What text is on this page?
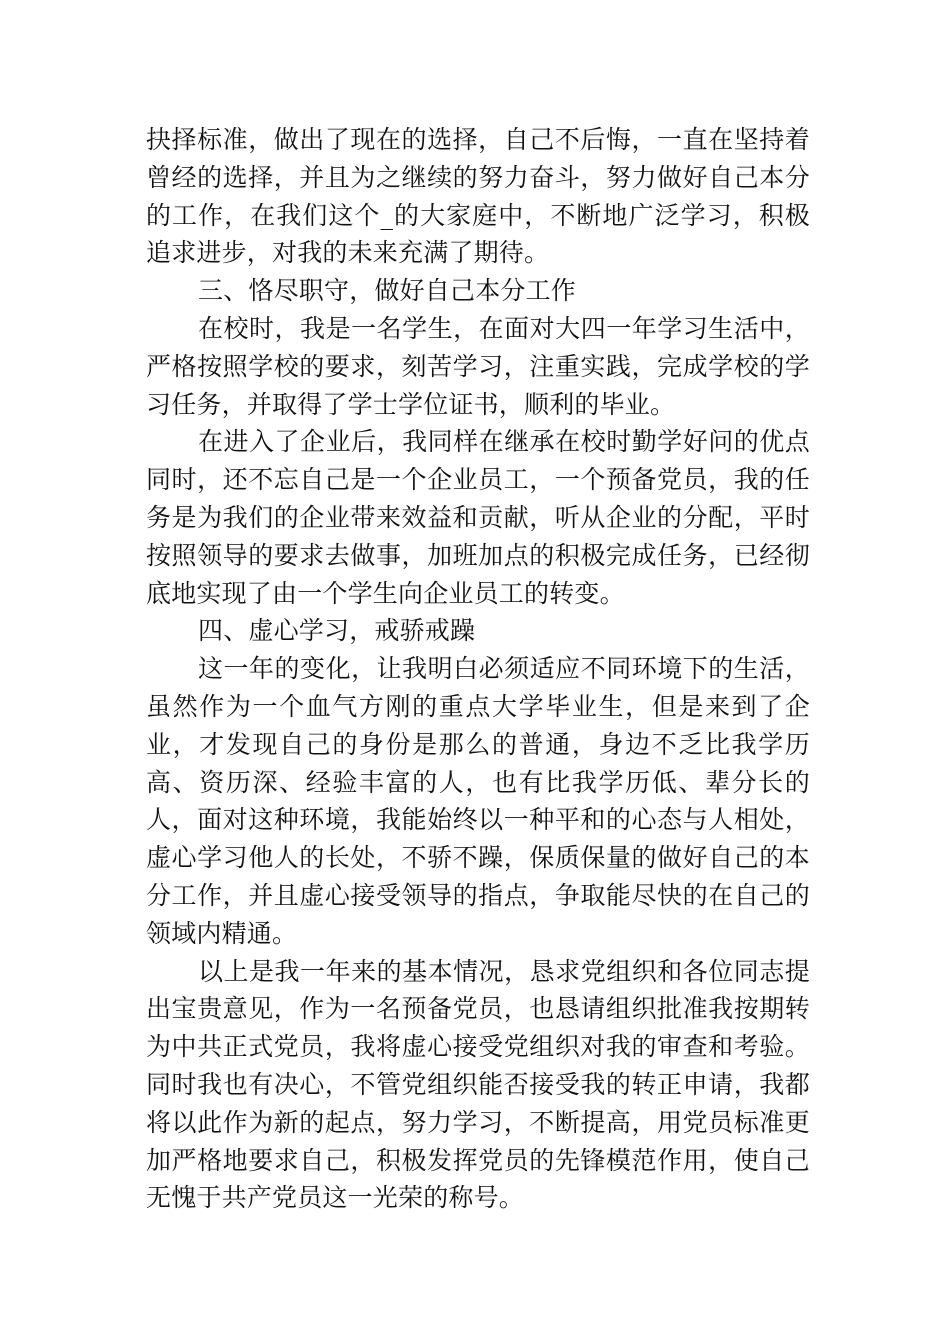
抉择标准，做出了现在的选择，自己不后悔，一直在坚持着曾经的选择，并且为之继续的努力奋斗，努力做好自己本分的工作，在我们这个_的大家庭中，不断地广泛学习，积极追求进步，对我的未来充满了期待。

三、恪尽职守，做好自己本分工作

在校时，我是一名学生，在面对大四一年学习生活中，严格按照学校的要求，刻苦学习，注重实践，完成学校的学习任务，并取得了学士学位证书，顺利的毕业。

在进入了企业后，我同样在继承在校时勤学好问的优点同时，还不忘自己是一个企业员工，一个预备党员，我的任务是为我们的企业带来效益和贡献，听从企业的分配，平时按照领导的要求去做事，加班加点的积极完成任务，已经彻底地实现了由一个学生向企业员工的转变。

四、虚心学习，戒骄戒躁

这一年的变化，让我明白必须适应不同环境下的生活，虽然作为一个血气方刚的重点大学毕业生，但是来到了企业，才发现自己的身份是那么的普通，身边不乏比我学历高、资历深、经验丰富的人，也有比我学历低、辈分长的人，面对这种环境，我能始终以一种平和的心态与人相处，虚心学习他人的长处，不骄不躁，保质保量的做好自己的本分工作，并且虚心接受领导的指点，争取能尽快的在自己的领域内精通。

以上是我一年来的基本情况，恳求党组织和各位同志提出宝贵意见，作为一名预备党员，也恳请组织批准我按期转为中共正式党员，我将虚心接受党组织对我的审查和考验。同时我也有决心，不管党组织能否接受我的转正申请，我都将以此作为新的起点，努力学习，不断提高，用党员标准更加严格地要求自己，积极发挥党员的先锋模范作用，使自己无愧于共产党员这一光荣的称号。
